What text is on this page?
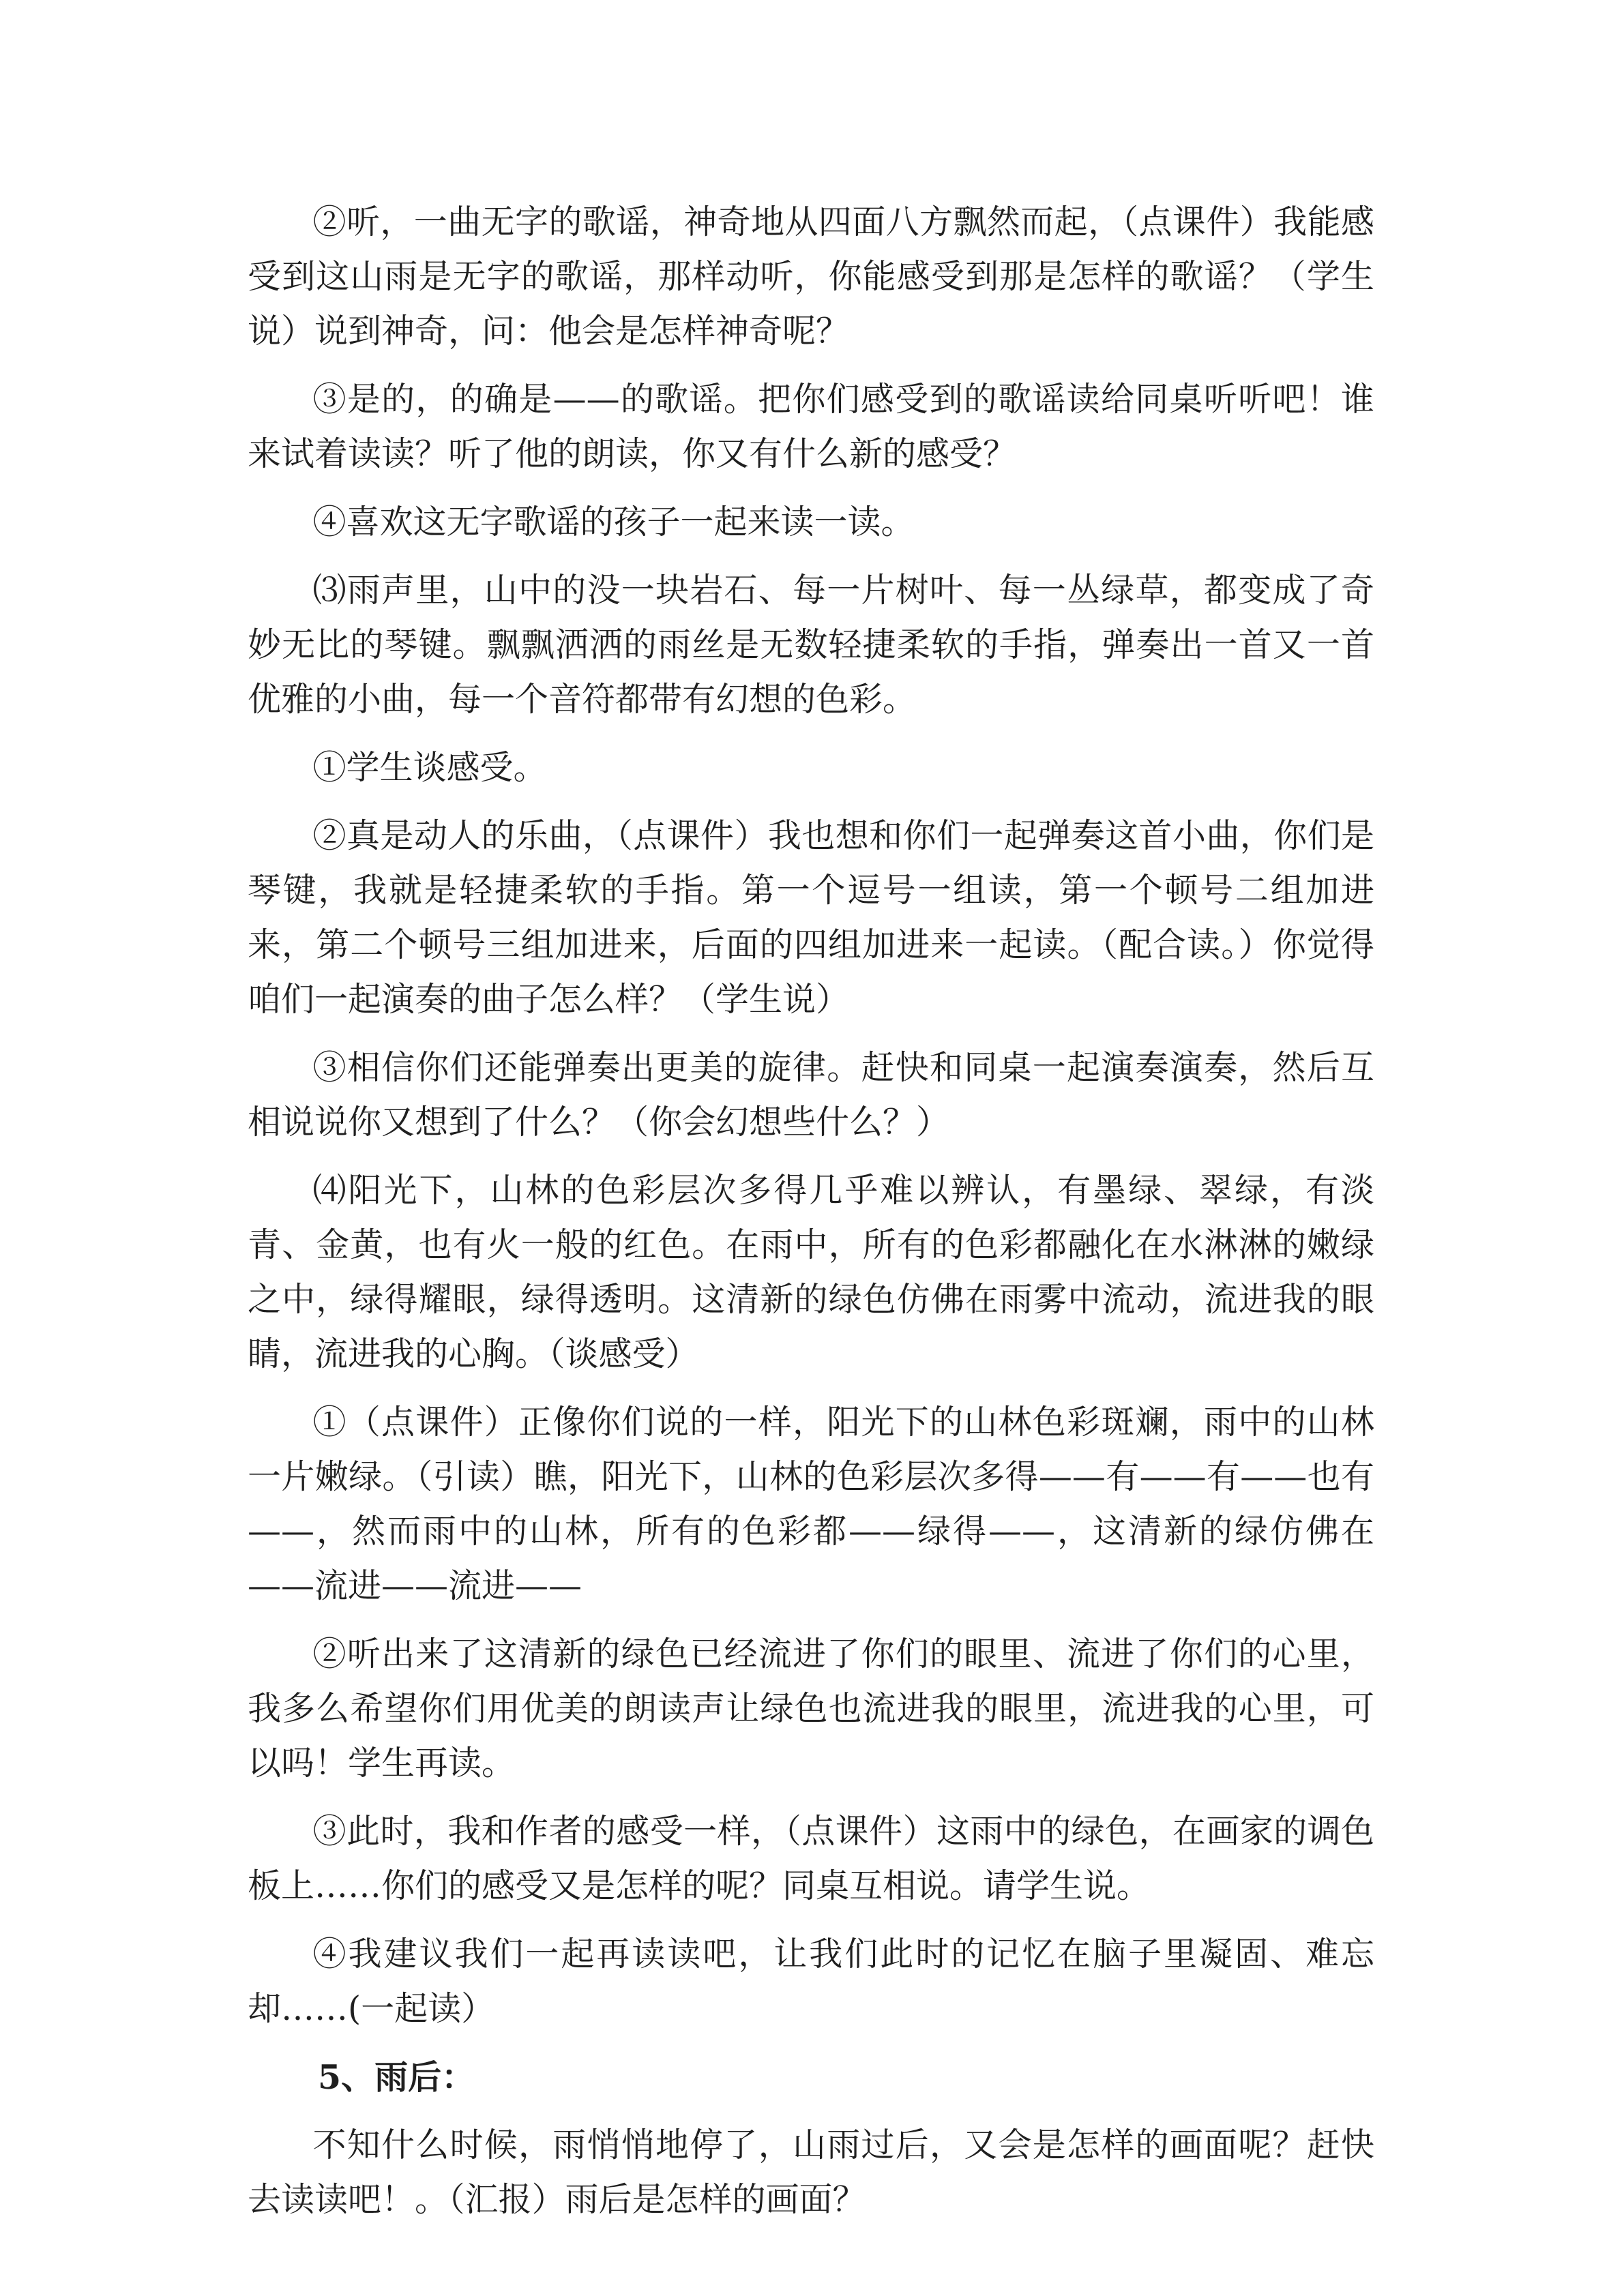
②听，一曲无字的歌谣，神奇地从四面八方飘然而起，（点课件）我能感受到这山雨是无字的歌谣，那样动听，你能感受到那是怎样的歌谣？（学生说）说到神奇，问：他会是怎样神奇呢？

③是的，的确是——的歌谣。把你们感受到的歌谣读给同桌听听吧！谁来试着读读？听了他的朗读，你又有什么新的感受？

④喜欢这无字歌谣的孩子一起来读一读。

⑶雨声里，山中的没一块岩石、每一片树叶、每一丛绿草，都变成了奇妙无比的琴键。飘飘洒洒的雨丝是无数轻捷柔软的手指，弹奏出一首又一首优雅的小曲，每一个音符都带有幻想的色彩。

①学生谈感受。

②真是动人的乐曲，（点课件）我也想和你们一起弹奏这首小曲，你们是琴键，我就是轻捷柔软的手指。第一个逗号一组读，第一个顿号二组加进来，第二个顿号三组加进来，后面的四组加进来一起读。（配合读。）你觉得咱们一起演奏的曲子怎么样？（学生说）

③相信你们还能弹奏出更美的旋律。赶快和同桌一起演奏演奏，然后互相说说你又想到了什么？（你会幻想些什么？）

⑷阳光下，山林的色彩层次多得几乎难以辨认，有墨绿、翠绿，有淡青、金黄，也有火一般的红色。在雨中，所有的色彩都融化在水淋淋的嫩绿之中，绿得耀眼，绿得透明。这清新的绿色仿佛在雨雾中流动，流进我的眼睛，流进我的心胸。（谈感受）

①（点课件）正像你们说的一样，阳光下的山林色彩斑斓，雨中的山林一片嫩绿。（引读）瞧，阳光下，山林的色彩层次多得——有——有——也有——，然而雨中的山林，所有的色彩都——绿得——，这清新的绿仿佛在——流进——流进——

②听出来了这清新的绿色已经流进了你们的眼里、流进了你们的心里，我多么希望你们用优美的朗读声让绿色也流进我的眼里，流进我的心里，可以吗！学生再读。

③此时，我和作者的感受一样，（点课件）这雨中的绿色，在画家的调色板上……你们的感受又是怎样的呢？同桌互相说。请学生说。

④我建议我们一起再读读吧，让我们此时的记忆在脑子里凝固、难忘却……(一起读）

5、雨后：

不知什么时候，雨悄悄地停了，山雨过后，又会是怎样的画面呢？赶快去读读吧！。（汇报）雨后是怎样的画面？
